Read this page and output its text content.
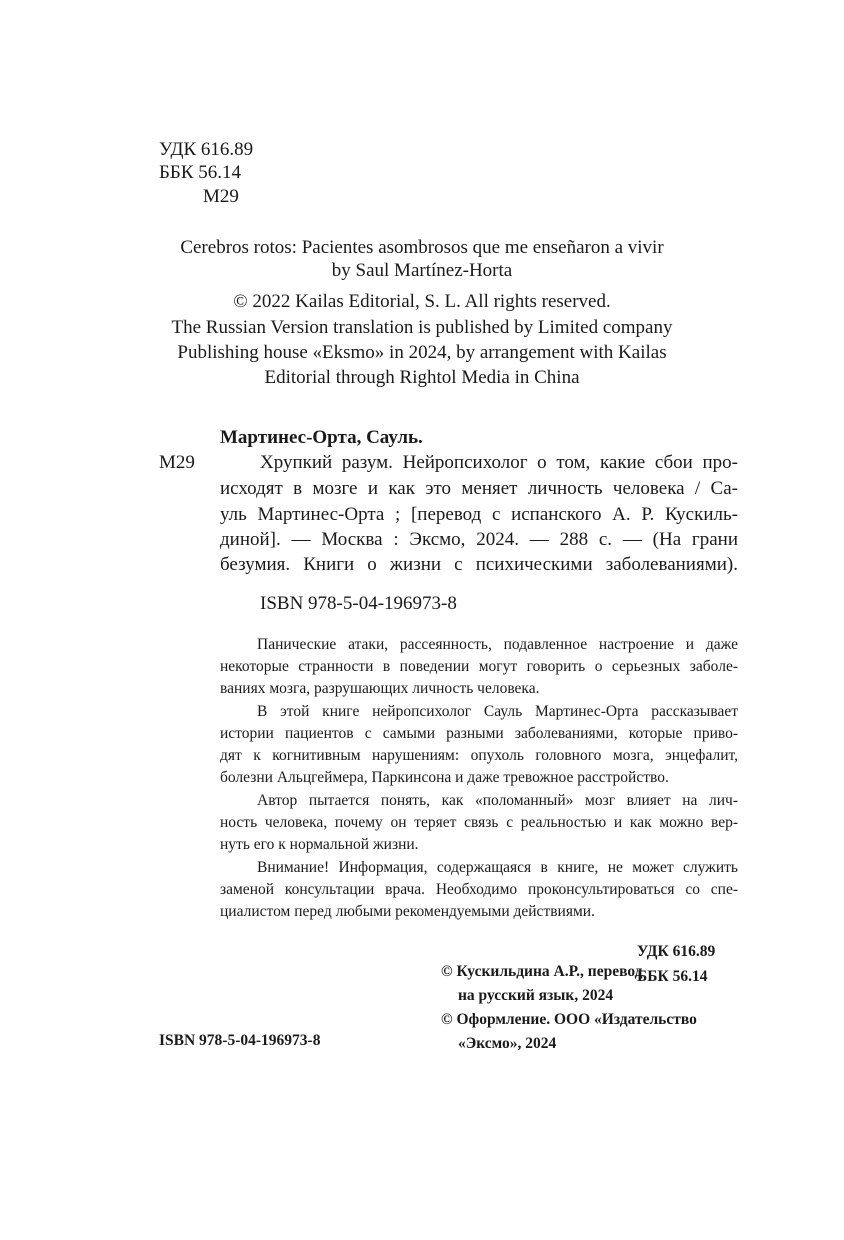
УДК 616.89
ББК 56.14
М29
Cerebros rotos: Pacientes asombrosos que me enseñaron a vivir
by Saul Martínez-Horta
© 2022 Kailas Editorial, S. L. All rights reserved.
The Russian Version translation is published by Limited company
Publishing house «Eksmo» in 2024, by arrangement with Kailas
Editorial through Rightol Media in China
Мартинес-Орта, Сауль.
М29	Хрупкий разум. Нейропсихолог о том, какие сбои про-
исходят в мозге и как это меняет личность человека / Са-
уль Мартинес-Орта ; [перевод с испанского А. Р. Кускиль-
диной]. — Москва : Эксмо, 2024. — 288 с. — (На грани
безумия. Книги о жизни с психическими заболеваниями).
ISBN 978-5-04-196973-8
Панические атаки, рассеянность, подавленное настроение и даже
некоторые странности в поведении могут говорить о серьезных заболе-
ваниях мозга, разрушающих личность человека.
В этой книге нейропсихолог Сауль Мартинес-Орта рассказывает
истории пациентов с самыми разными заболеваниями, которые приво-
дят к когнитивным нарушениям: опухоль головного мозга, энцефалит,
болезни Альцгеймера, Паркинсона и даже тревожное расстройство.
Автор пытается понять, как «поломанный» мозг влияет на лич-
ность человека, почему он теряет связь с реальностью и как можно вер-
нуть его к нормальной жизни.
Внимание! Информация, содержащаяся в книге, не может служить
заменой консультации врача. Необходимо проконсультироваться со спе-
циалистом перед любыми рекомендуемыми действиями.
УДК 616.89
ББК 56.14
© Кускильдина А.Р., перевод
на русский язык, 2024
© Оформление. ООО «Издательство
«Эксмо», 2024
ISBN 978-5-04-196973-8
